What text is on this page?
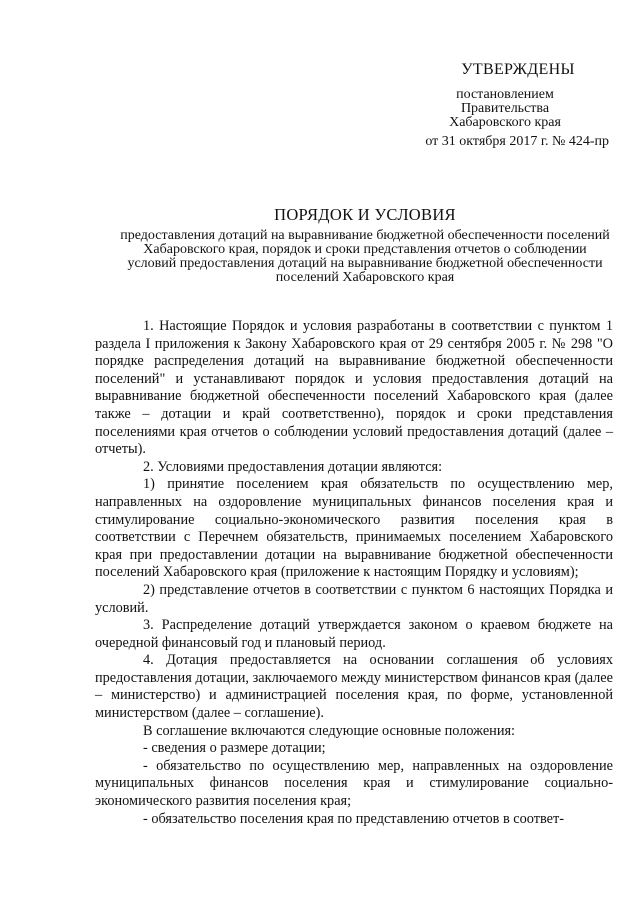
УТВЕРЖДЕНЫ
постановлением
Правительства
Хабаровского края
от 31 октября 2017 г. № 424-пр
ПОРЯДОК И УСЛОВИЯ
предоставления дотаций на выравнивание бюджетной обеспеченности поселений Хабаровского края, порядок и сроки представления отчетов о соблюдении условий предоставления дотаций на выравнивание бюджетной обеспеченности поселений Хабаровского края

1. Настоящие Порядок и условия разработаны в соответствии с пунктом 1 раздела I приложения к Закону Хабаровского края от 29 сентября 2005 г. № 298 "О порядке распределения дотаций на выравнивание бюджетной обеспеченности поселений" и устанавливают порядок и условия предоставления дотаций на выравнивание бюджетной обеспеченности поселений Хабаровского края (далее также – дотации и край соответственно), порядок и сроки представления поселениями края отчетов о соблюдении условий предоставления дотаций (далее – отчеты).

2. Условиями предоставления дотации являются:

1) принятие поселением края обязательств по осуществлению мер, направленных на оздоровление муниципальных финансов поселения края и стимулирование социально-экономического развития поселения края в соответствии с Перечнем обязательств, принимаемых поселением Хабаровского края при предоставлении дотации на выравнивание бюджетной обеспеченности поселений Хабаровского края (приложение к настоящим Порядку и условиям);

2) представление отчетов в соответствии с пунктом 6 настоящих Порядка и условий.

3. Распределение дотаций утверждается законом о краевом бюджете на очередной финансовый год и плановый период.

4. Дотация предоставляется на основании соглашения об условиях предоставления дотации, заключаемого между министерством финансов края (далее – министерство) и администрацией поселения края, по форме, установленной министерством (далее – соглашение).

В соглашение включаются следующие основные положения:

- сведения о размере дотации;

- обязательство по осуществлению мер, направленных на оздоровление муниципальных финансов поселения края и стимулирование социально-экономического развития поселения края;

- обязательство поселения края по представлению отчетов в соответ-
